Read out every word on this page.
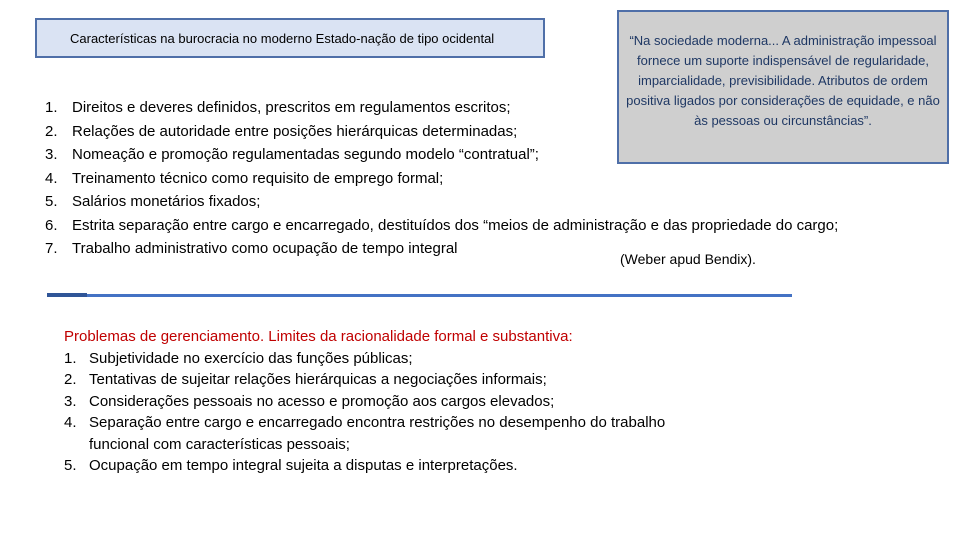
Características na burocracia no moderno Estado-nação de tipo ocidental	“Na sociedade moderna... A administração impessoal fornece um suporte indispensável de regularidade, imparcialidade, previsibilidade. Atributos de ordem positiva ligados por considerações de equidade, e não às pessoas ou circunstâncias”.
1. Direitos e deveres definidos, prescritos em regulamentos escritos;
2. Relações de autoridade entre posições hierárquicas determinadas;
3. Nomeação e promoção regulamentadas segundo modelo “contratual”;
4. Treinamento técnico como requisito de emprego formal;
5. Salários monetários fixados;
6. Estrita separação entre cargo e encarregado, destituídos dos “meios de administração e das propriedade do cargo;
7. Trabalho administrativo como ocupação de tempo integral
(Weber apud Bendix).
Problemas de gerenciamento. Limites da racionalidade formal e substantiva:
1. Subjetividade no exercício das funções públicas;
2. Tentativas de sujeitar relações hierárquicas a negociações informais;
3. Considerações pessoais no acesso e promoção aos cargos elevados;
4. Separação entre cargo e encarregado encontra restrições no desempenho do trabalho funcional com características pessoais;
5. Ocupação em tempo integral sujeita a disputas e interpretações.
